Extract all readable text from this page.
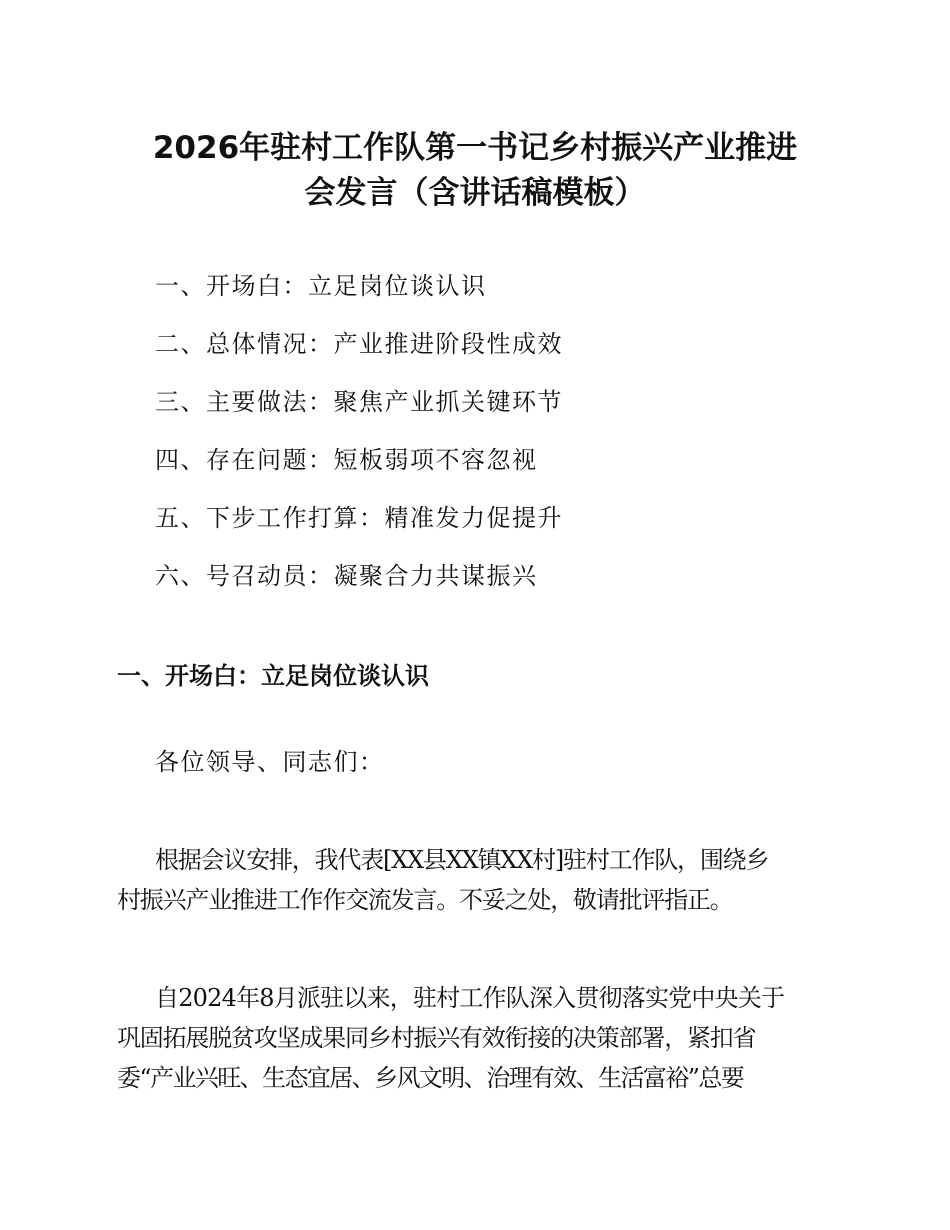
2026年驻村工作队第一书记乡村振兴产业推进
会发言（含讲话稿模板）
一、开场白：立足岗位谈认识
二、总体情况：产业推进阶段性成效
三、主要做法：聚焦产业抓关键环节
四、存在问题：短板弱项不容忽视
五、下步工作打算：精准发力促提升
六、号召动员：凝聚合力共谋振兴
一、开场白：立足岗位谈认识
各位领导、同志们：
根据会议安排，我代表[XX县XX镇XX村]驻村工作队，围绕乡
村振兴产业推进工作作交流发言。不妥之处，敬请批评指正。
自2024年8月派驻以来，驻村工作队深入贯彻落实党中央关于
巩固拓展脱贫攻坚成果同乡村振兴有效衔接的决策部署，紧扣省
委“产业兴旺、生态宜居、乡风文明、治理有效、生活富裕”总要
